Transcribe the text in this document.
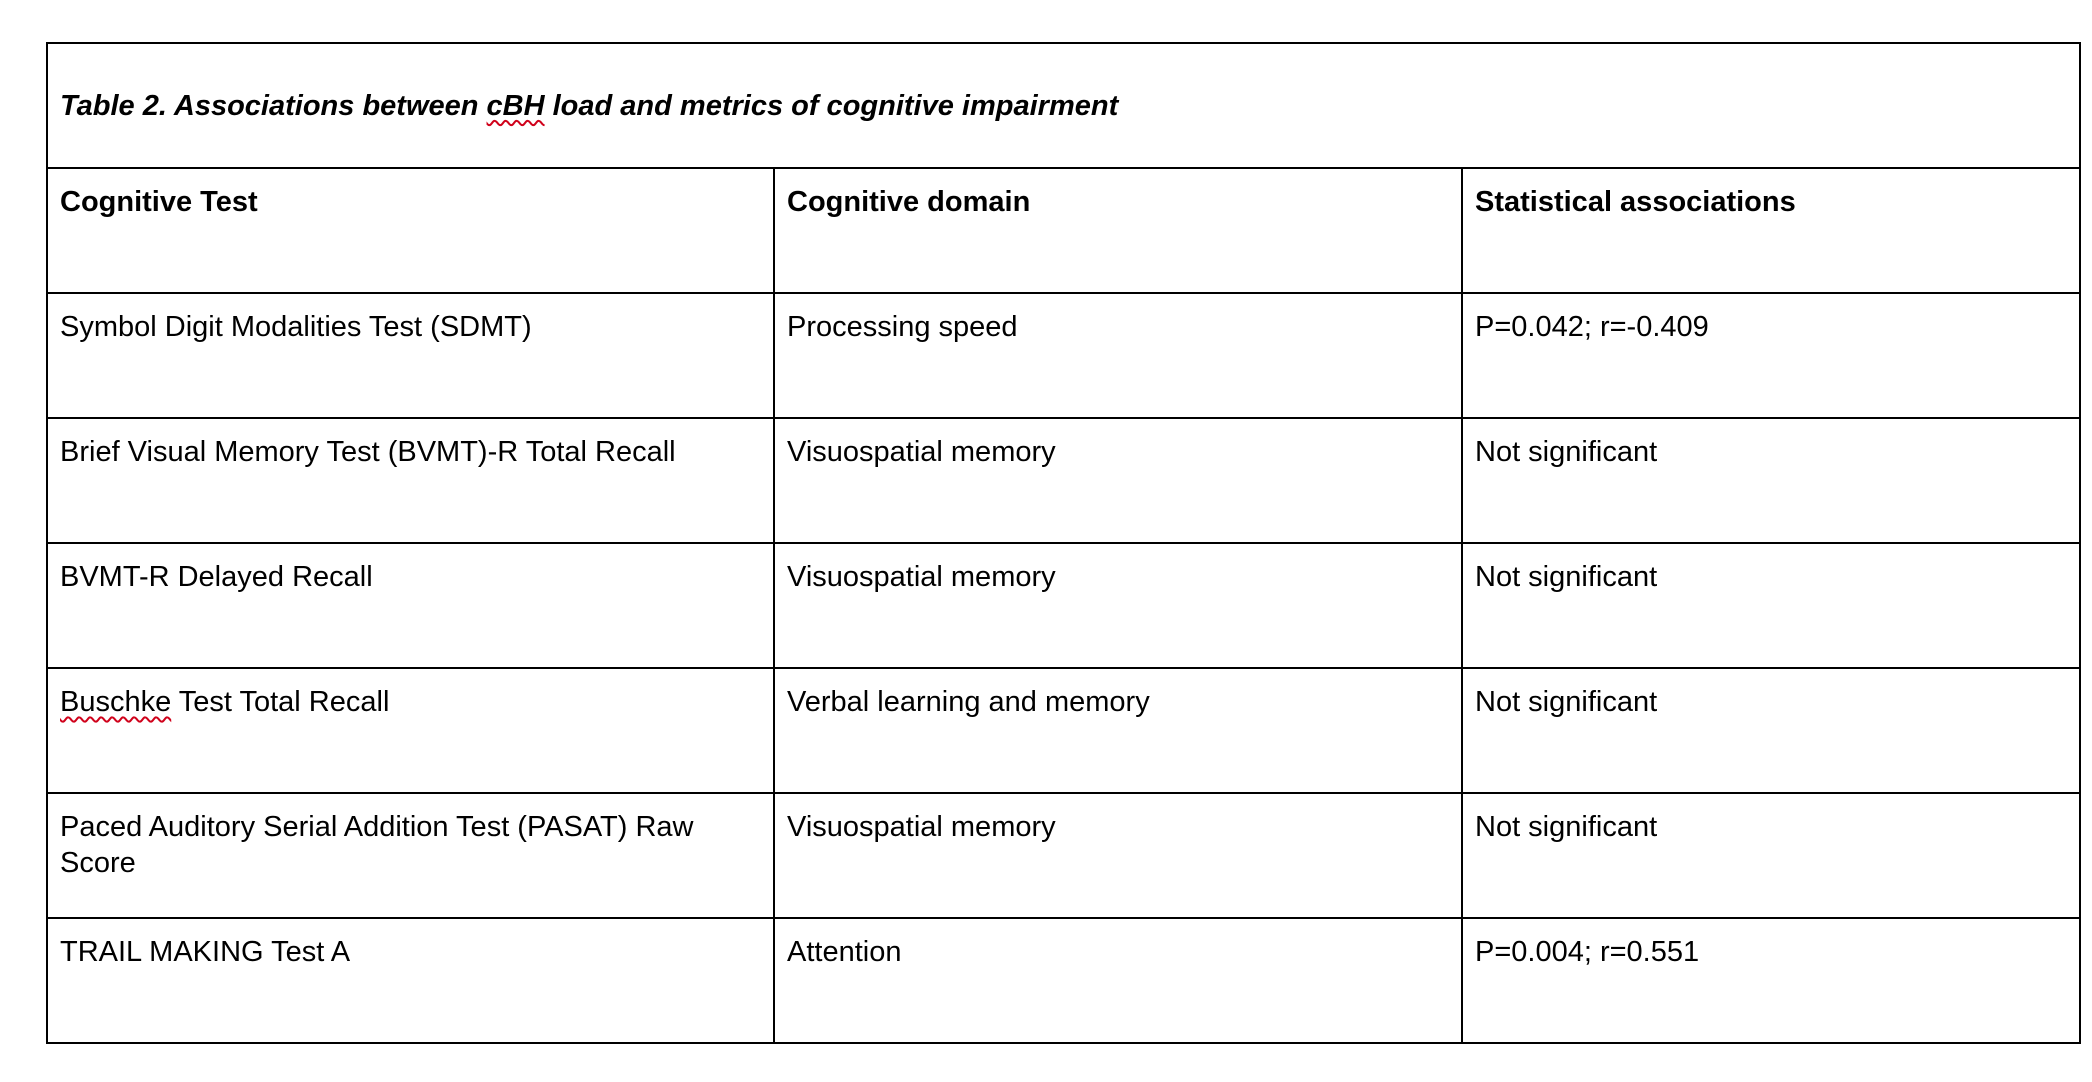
Table 2. Associations between cBH load and metrics of cognitive impairment		
Cognitive Test	Cognitive domain	Statistical associations
Symbol Digit Modalities Test (SDMT)	Processing speed	P=0.042; r=-0.409
Brief Visual Memory Test (BVMT)-R Total Recall	Visuospatial memory	Not significant
BVMT-R Delayed Recall	Visuospatial memory	Not significant
Buschke Test Total Recall	Verbal learning and memory	Not significant
Paced Auditory Serial Addition Test (PASAT) Raw Score	Visuospatial memory	Not significant
TRAIL MAKING Test A	Attention	P=0.004; r=0.551
